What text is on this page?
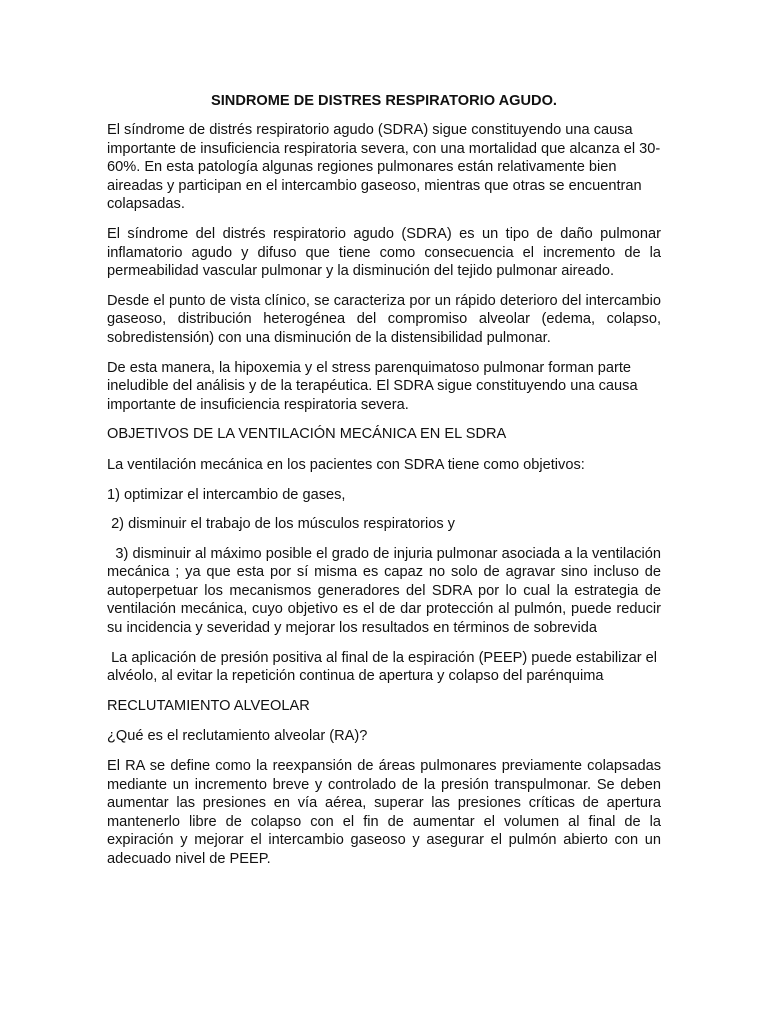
SINDROME DE DISTRES RESPIRATORIO AGUDO.

El síndrome de distrés respiratorio agudo (SDRA) sigue constituyendo una causa importante de insuficiencia respiratoria severa, con una mortalidad que alcanza el 30-60%. En esta patología algunas regiones pulmonares están relativamente bien aireadas y participan en el intercambio gaseoso, mientras que otras se encuentran colapsadas.

El síndrome del distrés respiratorio agudo (SDRA) es un tipo de daño pulmonar inflamatorio agudo y difuso que tiene como consecuencia el incremento de la permeabilidad vascular pulmonar y la disminución del tejido pulmonar aireado.

Desde el punto de vista clínico, se caracteriza por un rápido deterioro del intercambio gaseoso, distribución heterogénea del compromiso alveolar (edema, colapso, sobredistensión) con una disminución de la distensibilidad pulmonar.

De esta manera, la hipoxemia y el stress parenquimatoso pulmonar forman parte ineludible del análisis y de la terapéutica. El SDRA sigue constituyendo una causa importante de insuficiencia respiratoria severa.

OBJETIVOS DE LA VENTILACIÓN MECÁNICA EN EL SDRA

La ventilación mecánica en los pacientes con SDRA tiene como objetivos:

1) optimizar el intercambio de gases,

2) disminuir el trabajo de los músculos respiratorios y

3) disminuir al máximo posible el grado de injuria pulmonar asociada a la ventilación mecánica ; ya que esta por sí misma es capaz no solo de agravar sino incluso de autoperpetuar los mecanismos generadores del SDRA por lo cual la estrategia de ventilación mecánica, cuyo objetivo es el de dar protección al pulmón, puede reducir su incidencia y severidad y mejorar los resultados en términos de sobrevida

La aplicación de presión positiva al final de la espiración (PEEP) puede estabilizar el alvéolo, al evitar la repetición continua de apertura y colapso del parénquima

RECLUTAMIENTO ALVEOLAR

¿Qué es el reclutamiento alveolar (RA)?

El RA se define como la reexpansión de áreas pulmonares previamente colapsadas mediante un incremento breve y controlado de la presión transpulmonar. Se deben aumentar las presiones en vía aérea, superar las presiones críticas de apertura mantenerlo libre de colapso con el fin de aumentar el volumen al final de la expiración y mejorar el intercambio gaseoso y asegurar el pulmón abierto con un adecuado nivel de PEEP.
